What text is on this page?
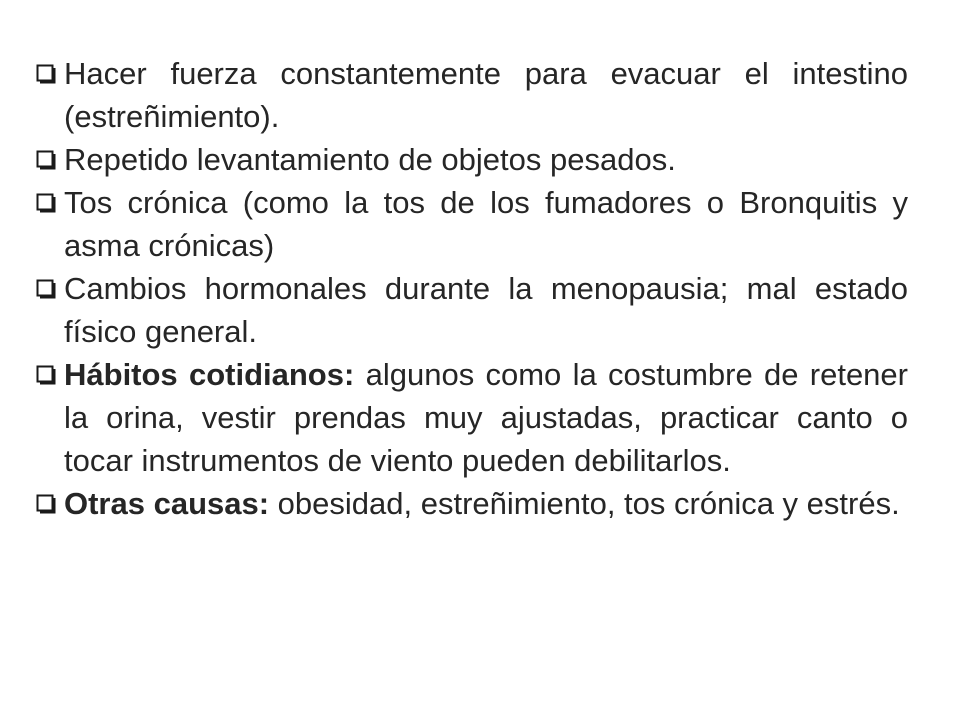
Hacer fuerza constantemente para evacuar el intestino (estreñimiento).
Repetido levantamiento de objetos pesados.
Tos crónica (como la tos de los fumadores o Bronquitis y asma crónicas)
Cambios hormonales durante la menopausia; mal estado físico general.
Hábitos cotidianos: algunos como la costumbre de retener la orina, vestir prendas muy ajustadas, practicar canto o tocar instrumentos de viento pueden debilitarlos.
Otras causas: obesidad, estreñimiento, tos crónica y estrés.
